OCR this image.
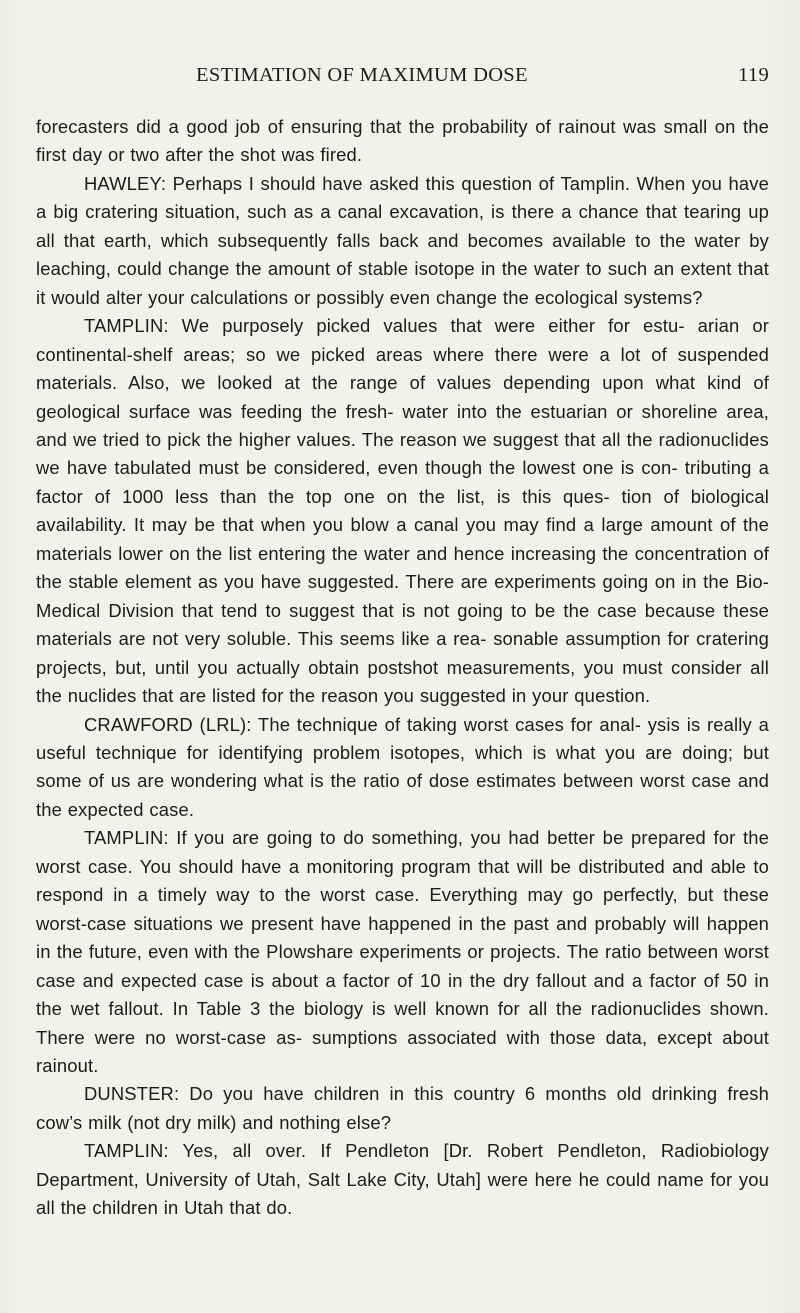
ESTIMATION OF MAXIMUM DOSE	119

forecasters did a good job of ensuring that the probability of rainout was small on the first day or two after the shot was fired.

HAWLEY: Perhaps I should have asked this question of Tamplin. When you have a big cratering situation, such as a canal excavation, is there a chance that tearing up all that earth, which subsequently falls back and becomes available to the water by leaching, could change the amount of stable isotope in the water to such an extent that it would alter your calculations or possibly even change the ecological systems?

TAMPLIN: We purposely picked values that were either for estu- arian or continental-shelf areas; so we picked areas where there were a lot of suspended materials. Also, we looked at the range of values depending upon what kind of geological surface was feeding the fresh- water into the estuarian or shoreline area, and we tried to pick the higher values. The reason we suggest that all the radionuclides we have tabulated must be considered, even though the lowest one is con- tributing a factor of 1000 less than the top one on the list, is this ques- tion of biological availability. It may be that when you blow a canal you may find a large amount of the materials lower on the list entering the water and hence increasing the concentration of the stable element as you have suggested. There are experiments going on in the Bio- Medical Division that tend to suggest that is not going to be the case because these materials are not very soluble. This seems like a rea- sonable assumption for cratering projects, but, until you actually obtain postshot measurements, you must consider all the nuclides that are listed for the reason you suggested in your question.

CRAWFORD (LRL): The technique of taking worst cases for anal- ysis is really a useful technique for identifying problem isotopes, which is what you are doing; but some of us are wondering what is the ratio of dose estimates between worst case and the expected case.

TAMPLIN: If you are going to do something, you had better be prepared for the worst case. You should have a monitoring program that will be distributed and able to respond in a timely way to the worst case. Everything may go perfectly, but these worst-case situations we present have happened in the past and probably will happen in the future, even with the Plowshare experiments or projects. The ratio between worst case and expected case is about a factor of 10 in the dry fallout and a factor of 50 in the wet fallout. In Table 3 the biology is well known for all the radionuclides shown. There were no worst-case as- sumptions associated with those data, except about rainout.

DUNSTER: Do you have children in this country 6 months old drinking fresh cow’s milk (not dry milk) and nothing else?

TAMPLIN: Yes, all over. If Pendleton [Dr. Robert Pendleton, Radiobiology Department, University of Utah, Salt Lake City, Utah] were here he could name for you all the children in Utah that do.
